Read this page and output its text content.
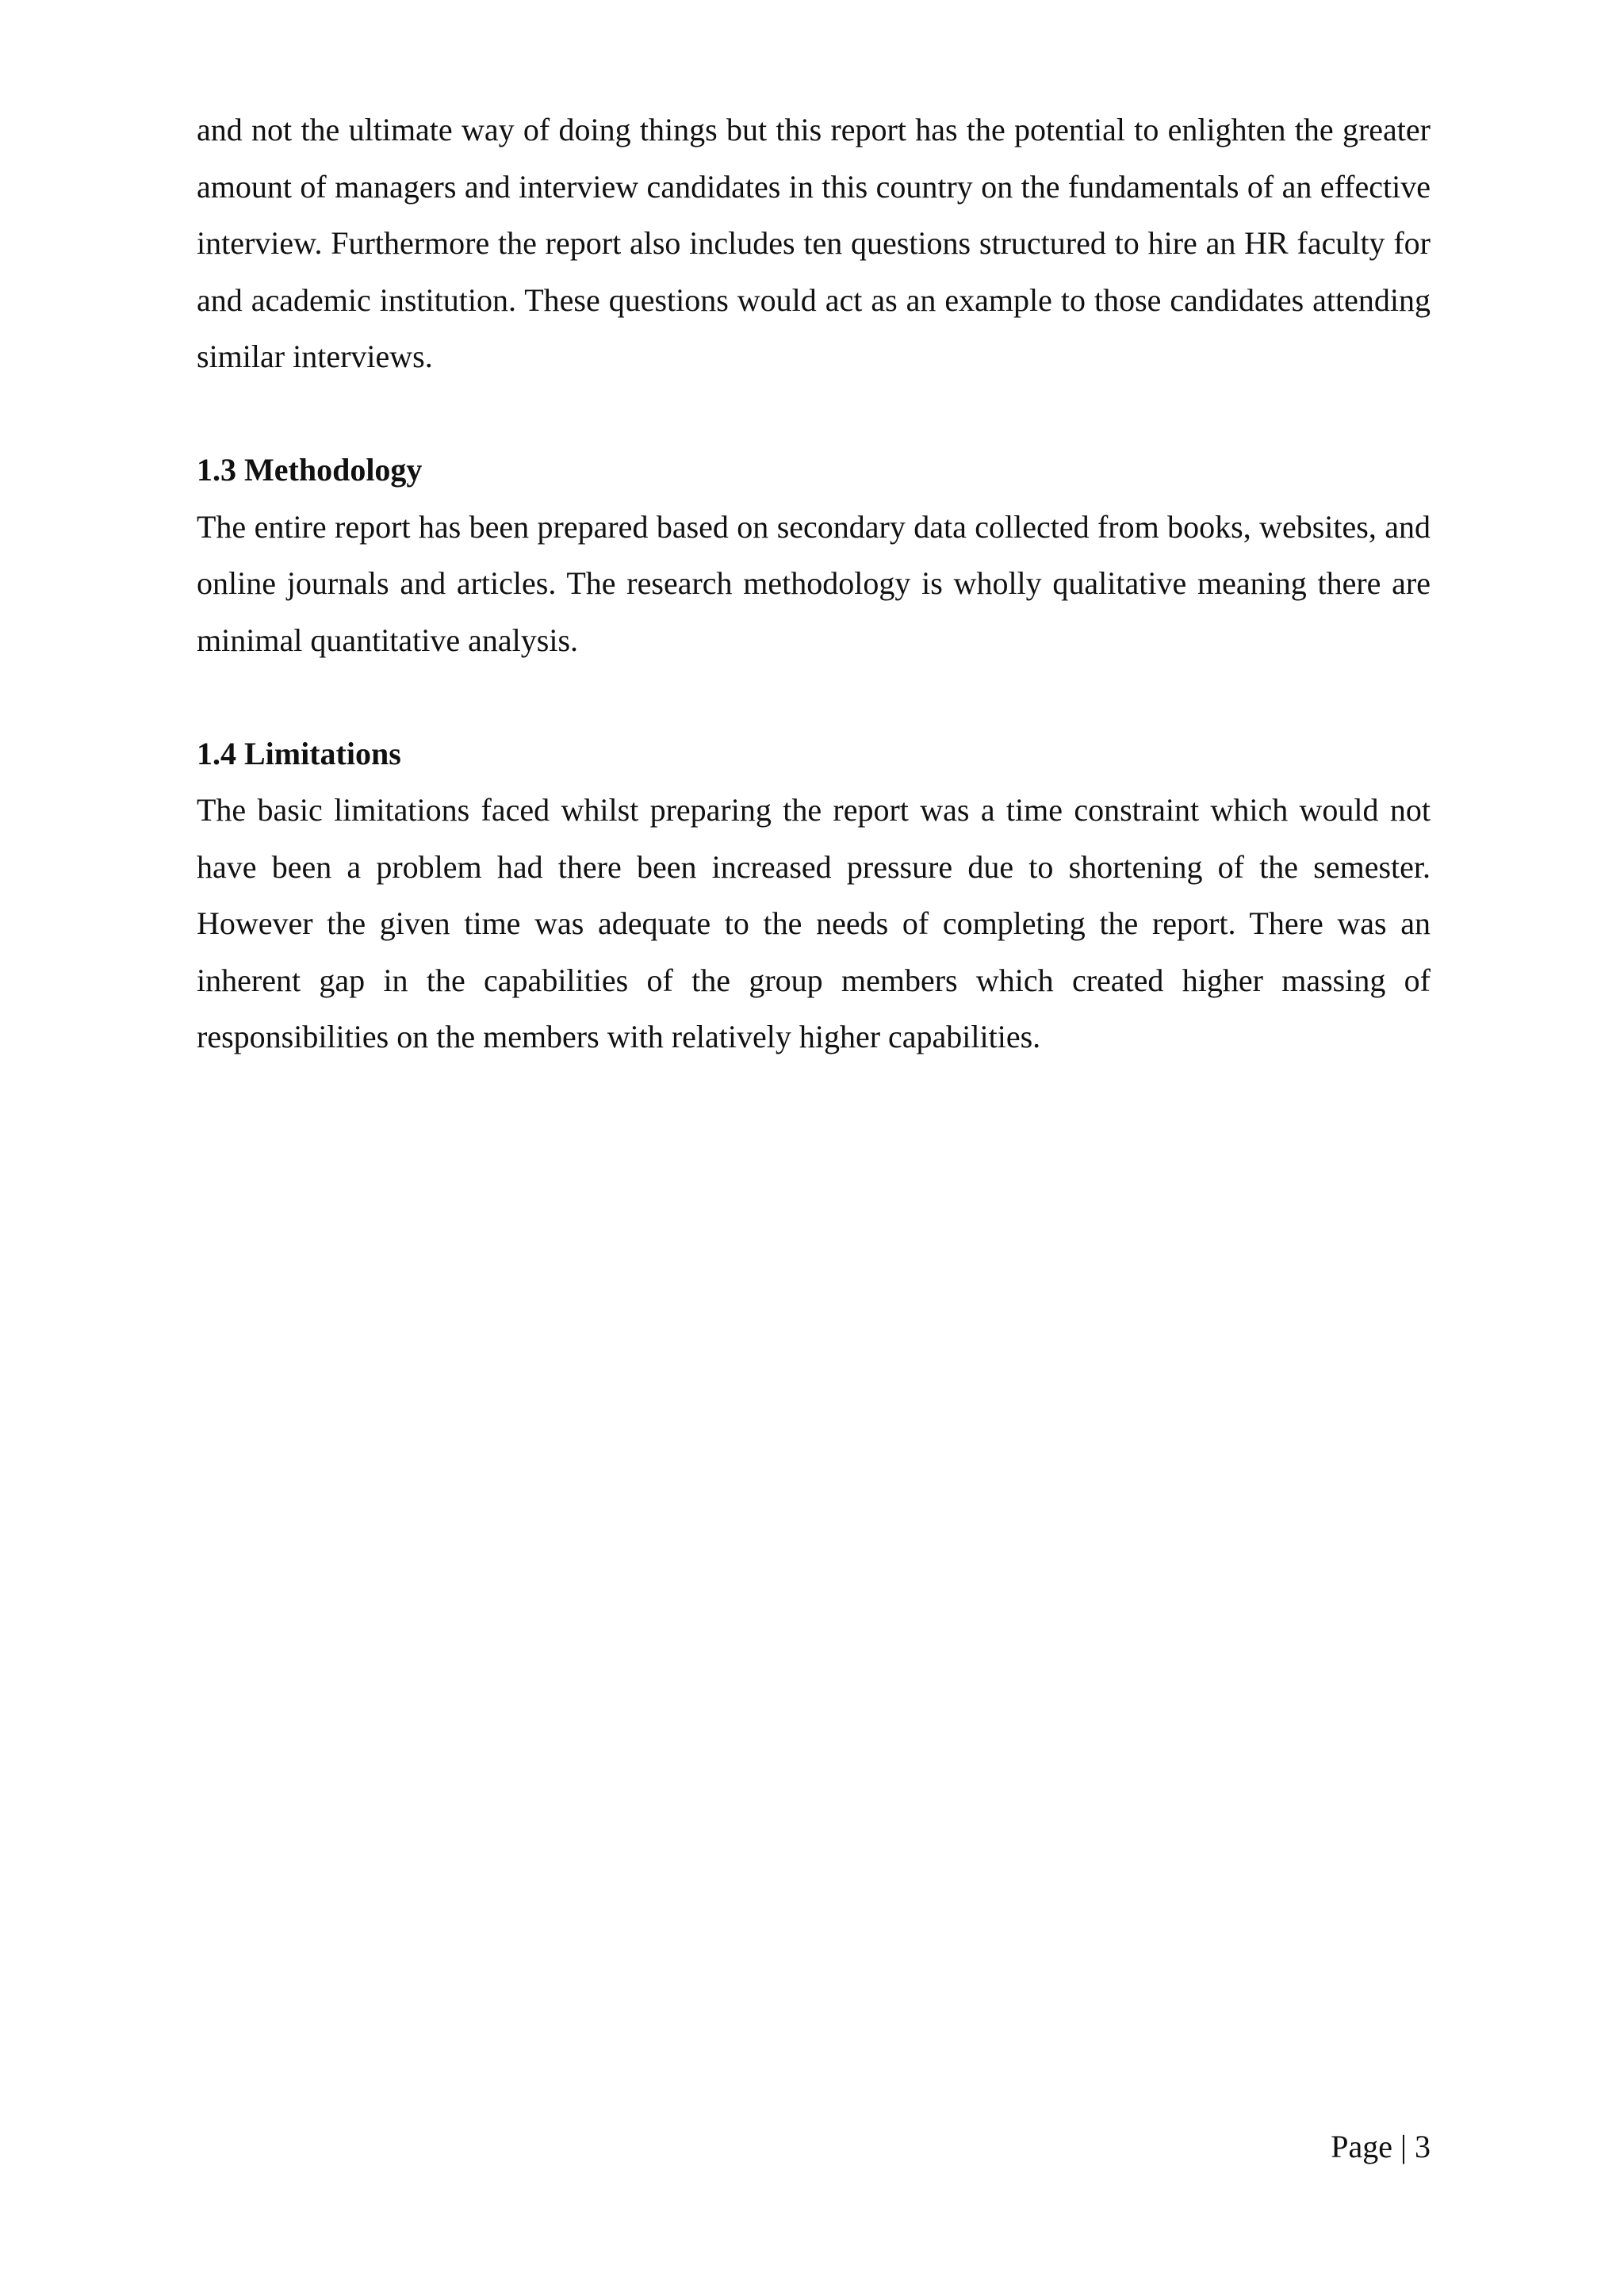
and not the ultimate way of doing things but this report has the potential to enlighten the greater amount of managers and interview candidates in this country on the fundamentals of an effective interview. Furthermore the report also includes ten questions structured to hire an HR faculty for and academic institution. These questions would act as an example to those candidates attending similar interviews.

1.3 Methodology

The entire report has been prepared based on secondary data collected from books, websites, and online journals and articles. The research methodology is wholly qualitative meaning there are minimal quantitative analysis.

1.4 Limitations

The basic limitations faced whilst preparing the report was a time constraint which would not have been a problem had there been increased pressure due to shortening of the semester. However the given time was adequate to the needs of completing the report. There was an inherent gap in the capabilities of the group members which created higher massing of responsibilities on the members with relatively higher capabilities.

Page | 3
